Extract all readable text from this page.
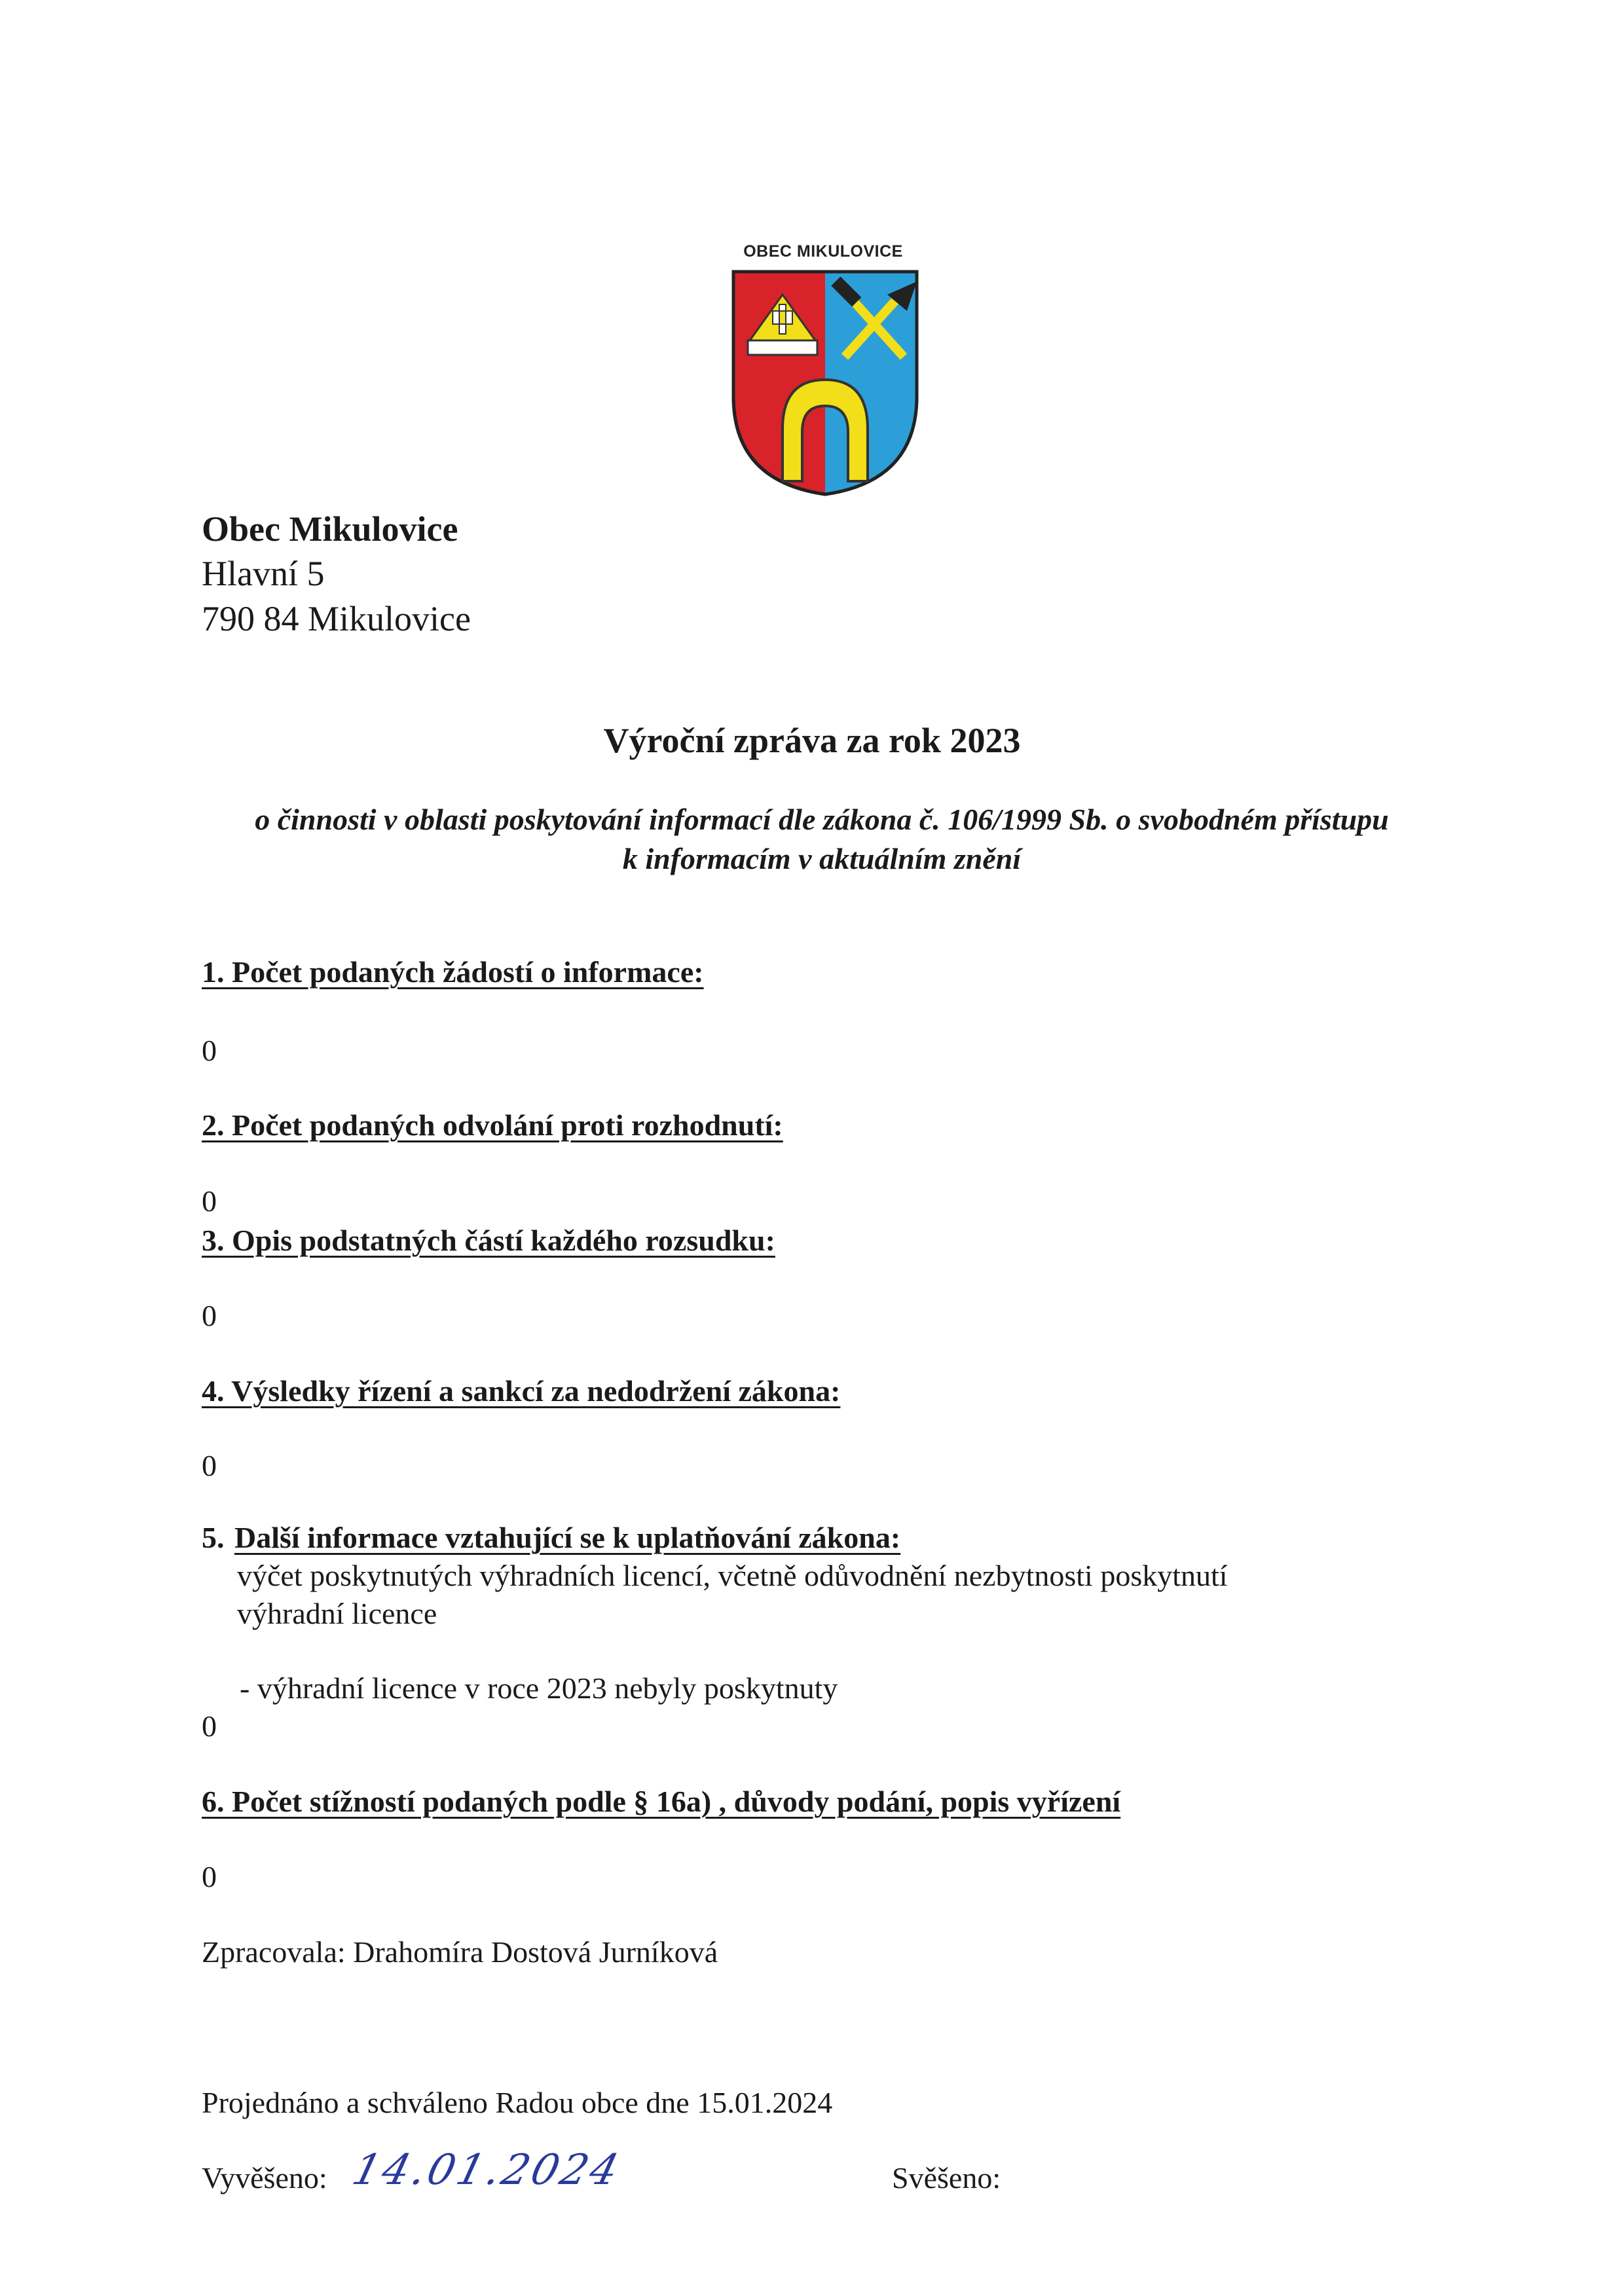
OBEC MIKULOVICE
Obec Mikulovice
Hlavní 5
790 84 Mikulovice
Výroční zpráva za rok 2023
o činnosti v oblasti poskytování informací dle zákona č. 106/1999 Sb. o svobodném přístupu
k informacím v aktuálním znění
1. Počet podaných žádostí o informace:
0
2. Počet podaných odvolání proti rozhodnutí:
0
3. Opis podstatných částí každého rozsudku:
0
4. Výsledky řízení a sankcí za nedodržení zákona:
0
5. Další informace vztahující se k uplatňování zákona:
výčet poskytnutých výhradních licencí, včetně odůvodnění nezbytnosti poskytnutí
výhradní licence
- výhradní licence v roce 2023 nebyly poskytnuty
0
6. Počet stížností podaných podle § 16a) , důvody podání, popis vyřízení
0
Zpracovala: Drahomíra Dostová Jurníková
Projednáno a schváleno Radou obce dne 15.01.2024
Vyvěšeno: 14.01.2024	Svěšeno:
